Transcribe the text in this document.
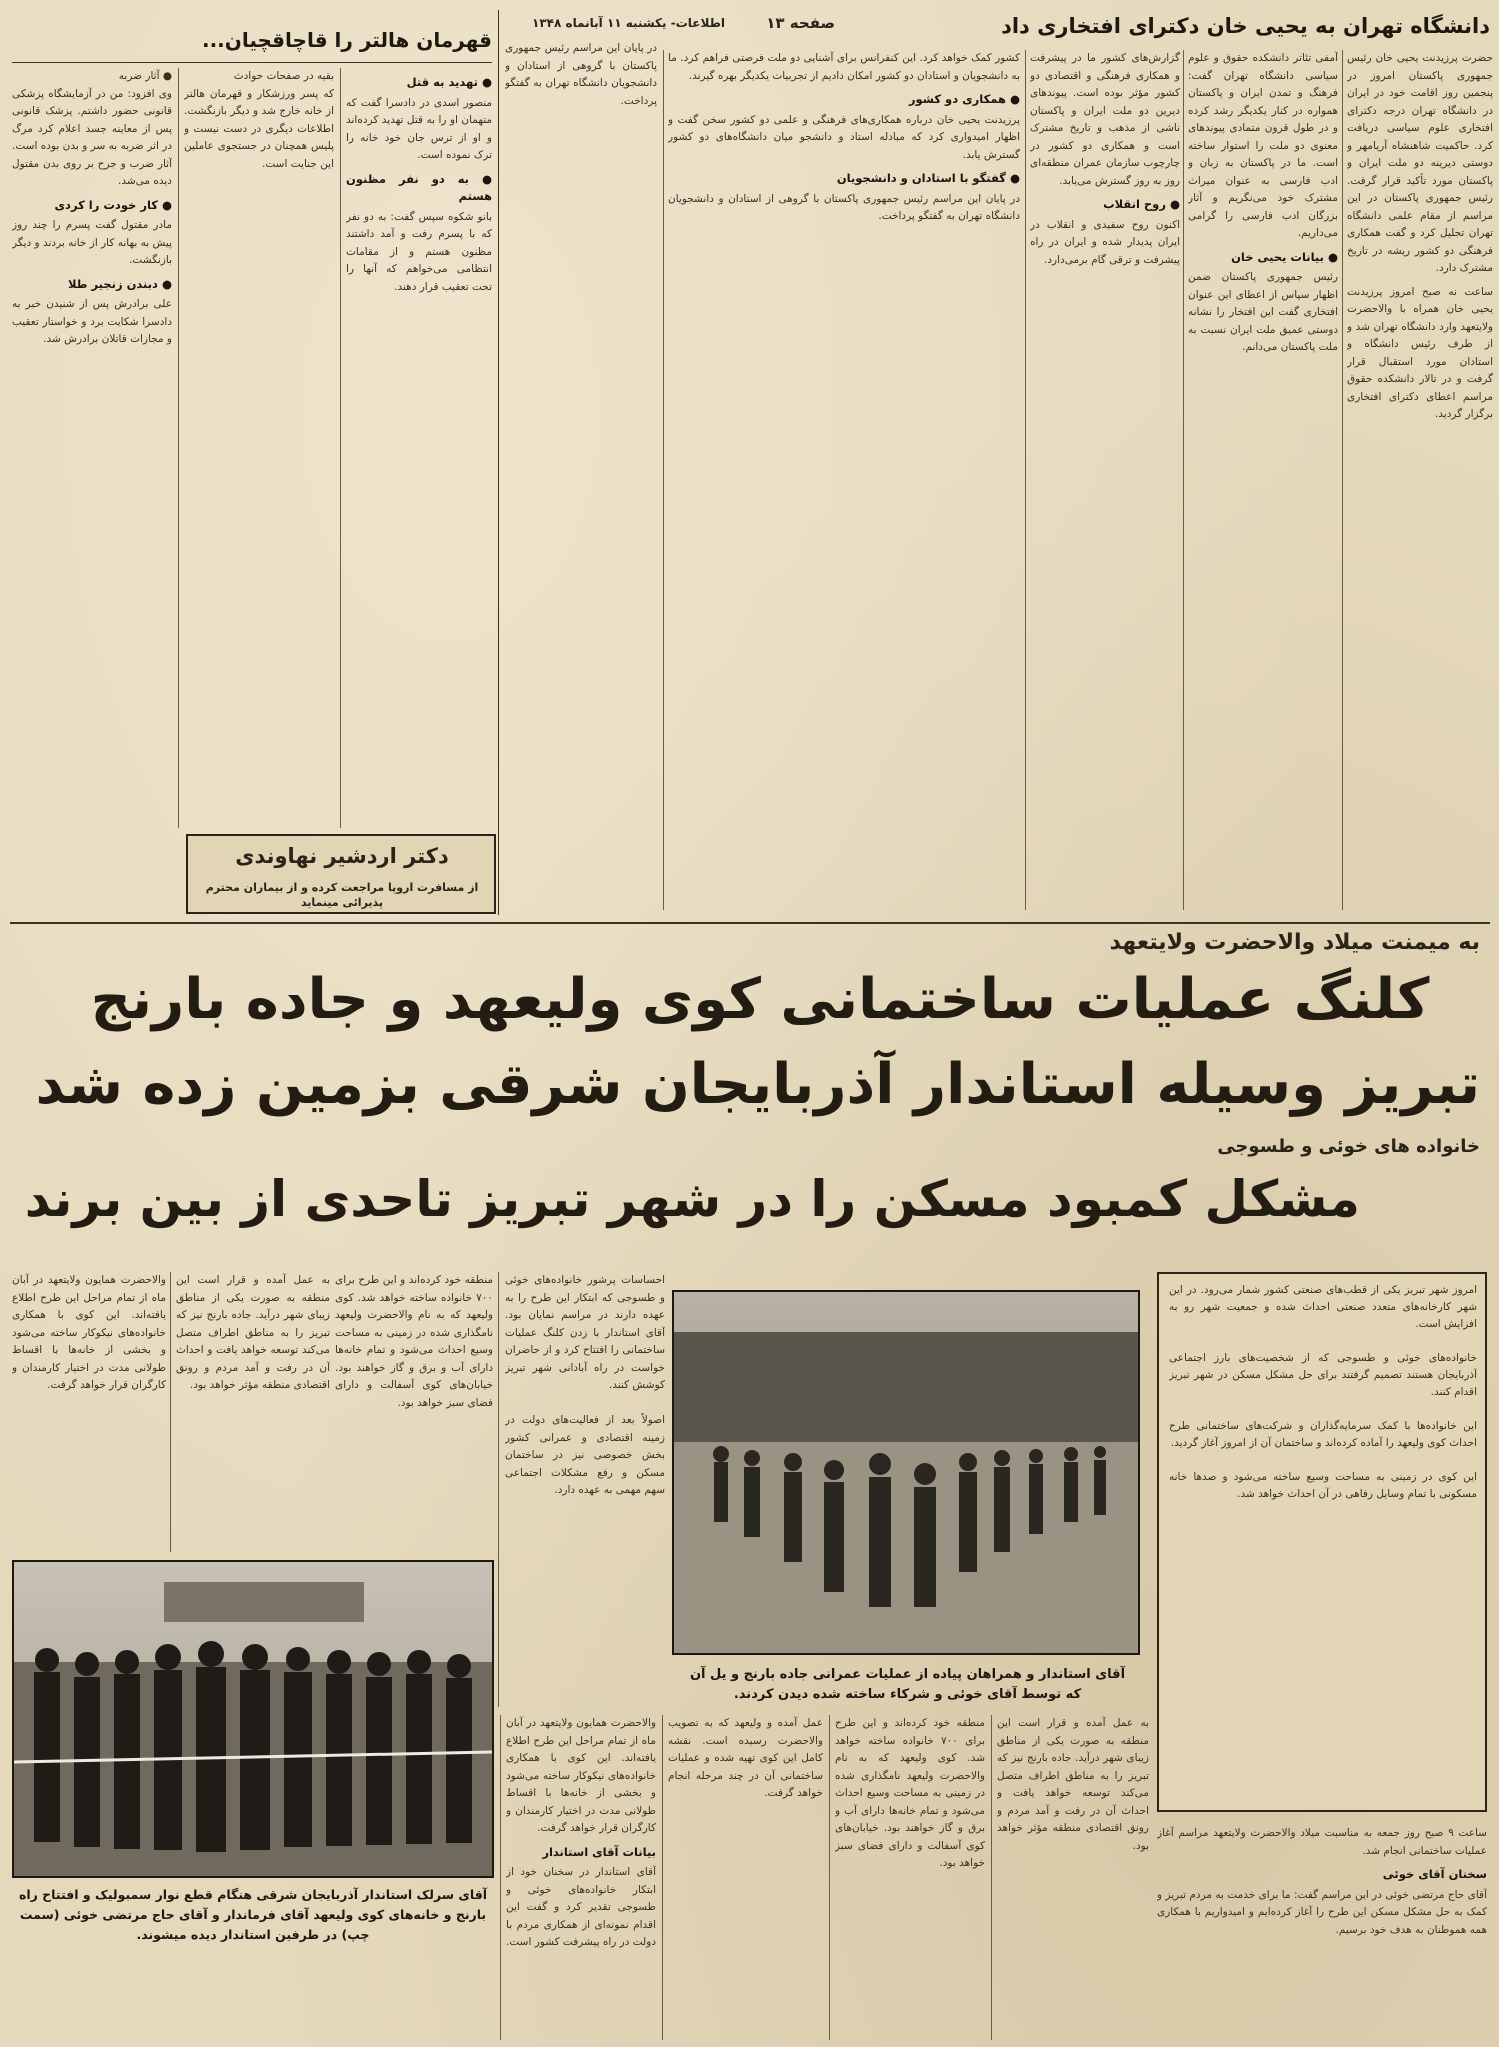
صفحه ۱۳
اطلاعات- یکشنبه ۱۱ آبانماه ۱۳۴۸	دانشگاه تهران به یحیی خان دکترای افتخاری داد

حضرت پرزیدنت یحیی خان رئیس جمهوری پاکستان امروز در پنجمین روز اقامت خود در ایران در دانشگاه تهران درجه دکترای افتخاری علوم سیاسی دریافت کرد. حاکمیت شاهنشاه آریامهر و دوستی دیرینه دو ملت ایران و پاکستان مورد تأکید قرار گرفت. رئیس جمهوری پاکستان در این مراسم از مقام علمی دانشگاه تهران تجلیل کرد و گفت همکاری فرهنگی دو کشور ریشه در تاریخ مشترک دارد.

ساعت نه صبح امروز پرزیدنت یحیی خان همراه با والاحضرت ولایتعهد وارد دانشگاه تهران شد و از طرف رئیس دانشگاه و استادان مورد استقبال قرار گرفت و در تالار دانشکده حقوق مراسم اعطای دکترای افتخاری برگزار گردید.

آمفی تئاتر دانشکده حقوق و علوم سیاسی دانشگاه تهران گفت: فرهنگ و تمدن ایران و پاکستان همواره در کنار یکدیگر رشد کرده و در طول قرون متمادی پیوندهای معنوی دو ملت را استوار ساخته است. ما در پاکستان به زبان و ادب فارسی به عنوان میراث مشترک خود می‌نگریم و آثار بزرگان ادب فارسی را گرامی می‌داریم.

● بیانات یحیی خان

رئیس جمهوری پاکستان ضمن اظهار سپاس از اعطای این عنوان افتخاری گفت این افتخار را نشانه دوستی عمیق ملت ایران نسبت به ملت پاکستان می‌دانم.

گزارش‌های کشور ما در پیشرفت و همکاری فرهنگی و اقتصادی دو کشور مؤثر بوده است. پیوندهای دیرین دو ملت ایران و پاکستان ناشی از مذهب و تاریخ مشترک است و همکاری دو کشور در چارچوب سازمان عمران منطقه‌ای روز به روز گسترش می‌یابد.

● روح انقلاب

اکنون روح سفیدی و انقلاب در ایران پدیدار شده و ایران در راه پیشرفت و ترقی گام برمی‌دارد.

کشور کمک خواهد کرد. این کنفرانس برای آشنایی دو ملت فرصتی فراهم کرد. ما به دانشجویان و استادان دو کشور امکان دادیم از تجربیات یکدیگر بهره گیرند.

● همکاری دو کشور

پرزیدنت یحیی خان درباره همکاری‌های فرهنگی و علمی دو کشور سخن گفت و اظهار امیدواری کرد که مبادله استاد و دانشجو میان دانشگاه‌های دو کشور گسترش یابد.

● گفتگو با استادان و دانشجویان

در پایان این مراسم رئیس جمهوری پاکستان با گروهی از استادان و دانشجویان دانشگاه تهران به گفتگو پرداخت.

در پایان این مراسم رئیس جمهوری پاکستان با گروهی از استادان و دانشجویان دانشگاه تهران به گفتگو پرداخت.

قهرمان هالتر را قاچاقچیان...

● آثار ضربه
وی افزود: من در آزمایشگاه پزشکی قانونی حضور داشتم. پزشک قانونی پس از معاینه جسد اعلام کرد مرگ در اثر ضربه به سر و بدن بوده است. آثار ضرب و جرح بر روی بدن مقتول دیده می‌شد.

● کار خودت را کردی

مادر مقتول گفت پسرم را چند روز پیش به بهانه کار از خانه بردند و دیگر بازنگشت.

● دبندن زنجیر طلا

علی برادرش پس از شنیدن خبر به دادسرا شکایت برد و خواستار تعقیب و مجازات قاتلان برادرش شد.

بقیه در صفحات حوادث
که پسر ورزشکار و قهرمان هالتر از خانه خارج شد و دیگر بازنگشت. اطلاعات دیگری در دست نیست و پلیس همچنان در جستجوی عاملین این جنایت است.

● تهدید به قتل

منصور اسدی در دادسرا گفت که متهمان او را به قتل تهدید کرده‌اند و او از ترس جان خود خانه را ترک نموده است.

● به دو نفر مظنون هستم

بانو شکوه سپس گفت: به دو نفر که با پسرم رفت و آمد داشتند مظنون هستم و از مقامات انتظامی می‌خواهم که آنها را تحت تعقیب قرار دهند.

دکتر اردشیر نهاوندی
از مسافرت اروپا مراجعت کرده و از بیماران محترم پذیرائی مینماید
به میمنت میلاد والاحضرت ولایتعهد
کلنگ عملیات ساختمانی کوی ولیعهد و جاده بارنج
تبریز وسیله استاندار آذربایجان شرقی بزمین زده شد
خانواده های خوئی و طسوجی
مشکل کمبود مسکن را در شهر تبریز تاحدی از بین برند
امروز شهر تبریز یکی از قطب‌های صنعتی کشور شمار می‌رود. در این شهر کارخانه‌های متعدد صنعتی احداث شده و جمعیت شهر رو به افزایش است.

خانواده‌های خوئی و طسوجی که از شخصیت‌های بارز اجتماعی آذربایجان هستند تصمیم گرفتند برای حل مشکل مسکن در شهر تبریز اقدام کنند.

این خانواده‌ها با کمک سرمایه‌گذاران و شرکت‌های ساختمانی طرح احداث کوی ولیعهد را آماده کرده‌اند و ساختمان آن از امروز آغاز گردید.

این کوی در زمینی به مساحت وسیع ساخته می‌شود و صدها خانه مسکونی با تمام وسایل رفاهی در آن احداث خواهد شد.

ساعت ۹ صبح روز جمعه به مناسبت میلاد والاحضرت ولایتعهد مراسم آغاز عملیات ساختمانی انجام شد.

سخنان آقای خوئی

آقای حاج مرتضی خوئی در این مراسم گفت: ما برای خدمت به مردم تبریز و کمک به حل مشکل مسکن این طرح را آغاز کرده‌ایم و امیدواریم با همکاری همه هموطنان به هدف خود برسیم.

آقای استاندار و همراهان پیاده از عملیات عمرانی جاده بارنج و یل آن که توسط آقای خوئی و شرکاء ساخته شده دیدن کردند.

احساسات پرشور خانواده‌های خوئی و طسوجی که ابتکار این طرح را به عهده دارند در مراسم نمایان بود. آقای استاندار با زدن کلنگ عملیات ساختمانی را افتتاح کرد و از حاضران خواست در راه آبادانی شهر تبریز کوشش کنند.

اصولاً بعد از فعالیت‌های دولت در زمینه اقتصادی و عمرانی کشور بخش خصوصی نیز در ساختمان مسکن و رفع مشکلات اجتماعی سهم مهمی به عهده دارد.

منطقه خود کرده‌اند و این طرح برای ۷۰۰ خانواده ساخته خواهد شد. کوی ولیعهد که به نام والاحضرت ولیعهد نامگذاری شده در زمینی به مساحت وسیع احداث می‌شود و تمام خانه‌ها دارای آب و برق و گاز خواهند بود. خیابان‌های کوی آسفالت و دارای فضای سبز خواهد بود.

به عمل آمده و قرار است این منطقه به صورت یکی از مناطق زیبای شهر درآید. جاده بارنج نیز که تبریز را به مناطق اطراف متصل می‌کند توسعه خواهد یافت و احداث آن در رفت و آمد مردم و رونق اقتصادی منطقه مؤثر خواهد بود.

والاحضرت همایون ولایتعهد در آبان ماه از تمام مراحل این طرح اطلاع یافته‌اند. این کوی با همکاری خانواده‌های نیکوکار ساخته می‌شود و بخشی از خانه‌ها با اقساط طولانی مدت در اختیار کارمندان و کارگران قرار خواهد گرفت.

آقای سرلک استاندار آذربایجان شرقی هنگام قطع نوار سمبولیک و افتتاح راه بارنج و خانه‌های کوی ولیعهد آقای فرماندار و آقای حاج مرتضی خوئی (سمت چپ) در طرفین استاندار دیده میشوند.

والاحضرت همایون ولایتعهد در آبان ماه از تمام مراحل این طرح اطلاع یافته‌اند. این کوی با همکاری خانواده‌های نیکوکار ساخته می‌شود و بخشی از خانه‌ها با اقساط طولانی مدت در اختیار کارمندان و کارگران قرار خواهد گرفت.

بیانات آقای استاندار

آقای استاندار در سخنان خود از ابتکار خانواده‌های خوئی و طسوجی تقدیر کرد و گفت این اقدام نمونه‌ای از همکاری مردم با دولت در راه پیشرفت کشور است.

عمل آمده و ولیعهد که به تصویب والاحضرت رسیده است. نقشه کامل این کوی تهیه شده و عملیات ساختمانی آن در چند مرحله انجام خواهد گرفت.

منطقه خود کرده‌اند و این طرح برای ۷۰۰ خانواده ساخته خواهد شد. کوی ولیعهد که به نام والاحضرت ولیعهد نامگذاری شده در زمینی به مساحت وسیع احداث می‌شود و تمام خانه‌ها دارای آب و برق و گاز خواهند بود. خیابان‌های کوی آسفالت و دارای فضای سبز خواهد بود.

به عمل آمده و قرار است این منطقه به صورت یکی از مناطق زیبای شهر درآید. جاده بارنج نیز که تبریز را به مناطق اطراف متصل می‌کند توسعه خواهد یافت و احداث آن در رفت و آمد مردم و رونق اقتصادی منطقه مؤثر خواهد بود.
